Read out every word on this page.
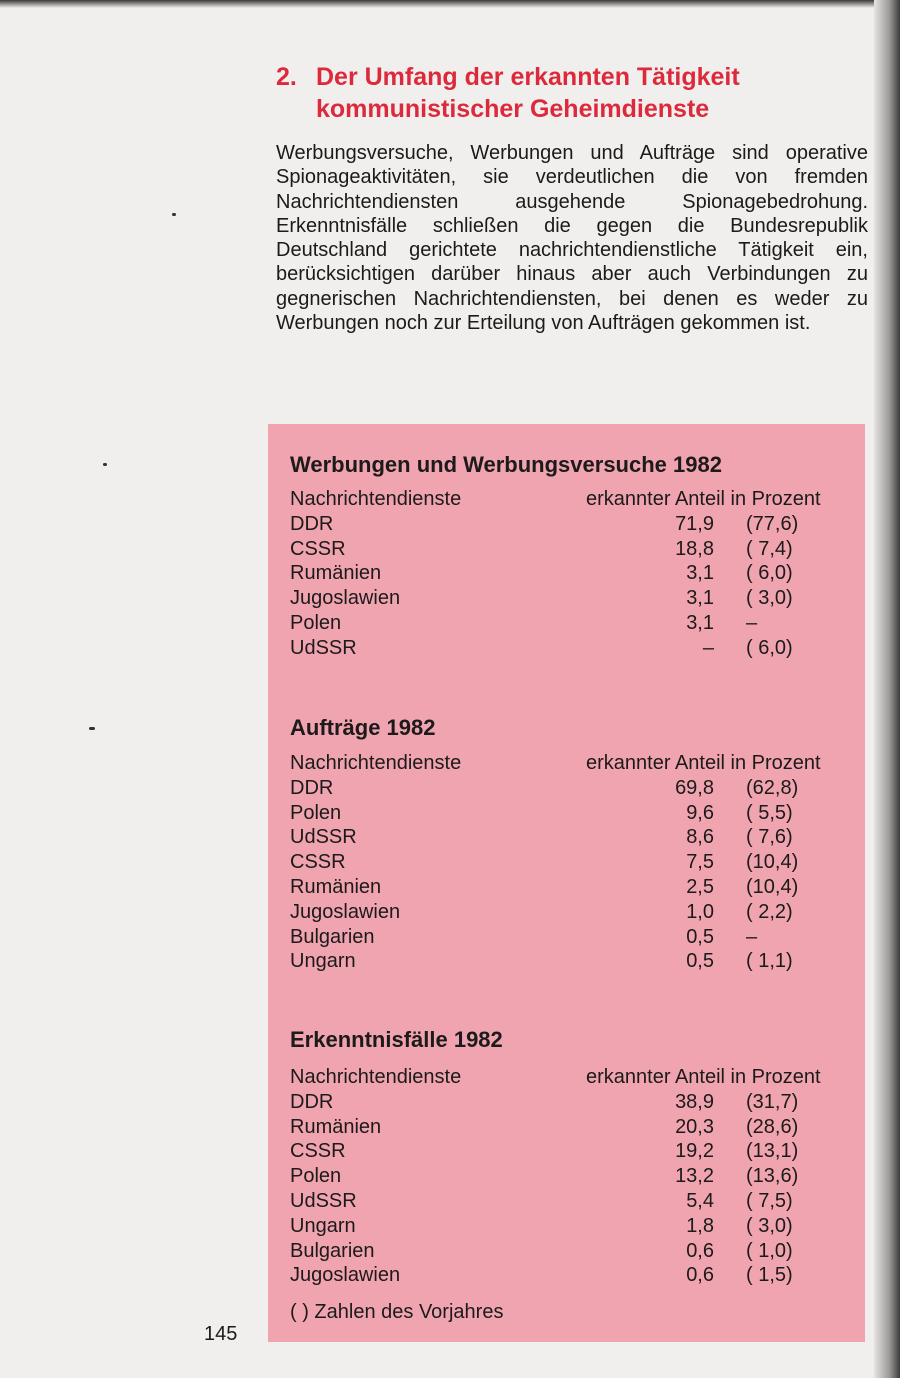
2. Der Umfang der erkannten Tätigkeit
kommunistischer Geheimdienste
Werbungsversuche, Werbungen und Aufträge sind operative Spionageaktivitäten, sie verdeutlichen die von fremden Nachrichtendiensten ausgehende Spionagebedrohung. Erkenntnisfälle schließen die gegen die Bundesrepublik Deutschland gerichtete nachrichtendienstliche Tätigkeit ein, berücksichtigen darüber hinaus aber auch Verbindungen zu gegnerischen Nachrichtendiensten, bei denen es weder zu Werbungen noch zur Erteilung von Aufträgen gekommen ist.
Werbungen und Werbungsversuche 1982
Nachrichtendienste	erkannter Anteil in Prozent
DDR	71,9 (77,6)
CSSR	18,8 ( 7,4)
Rumänien	3,1 ( 6,0)
Jugoslawien	3,1 ( 3,0)
Polen	3,1 –
UdSSR	– ( 6,0)
Aufträge 1982
Nachrichtendienste	erkannter Anteil in Prozent
DDR	69,8 (62,8)
Polen	9,6 ( 5,5)
UdSSR	8,6 ( 7,6)
CSSR	7,5 (10,4)
Rumänien	2,5 (10,4)
Jugoslawien	1,0 ( 2,2)
Bulgarien	0,5 –
Ungarn	0,5 ( 1,1)
Erkenntnisfälle 1982
Nachrichtendienste	erkannter Anteil in Prozent
DDR	38,9 (31,7)
Rumänien	20,3 (28,6)
CSSR	19,2 (13,1)
Polen	13,2 (13,6)
UdSSR	5,4 ( 7,5)
Ungarn	1,8 ( 3,0)
Bulgarien	0,6 ( 1,0)
Jugoslawien	0,6 ( 1,5)
( ) Zahlen des Vorjahres
145
